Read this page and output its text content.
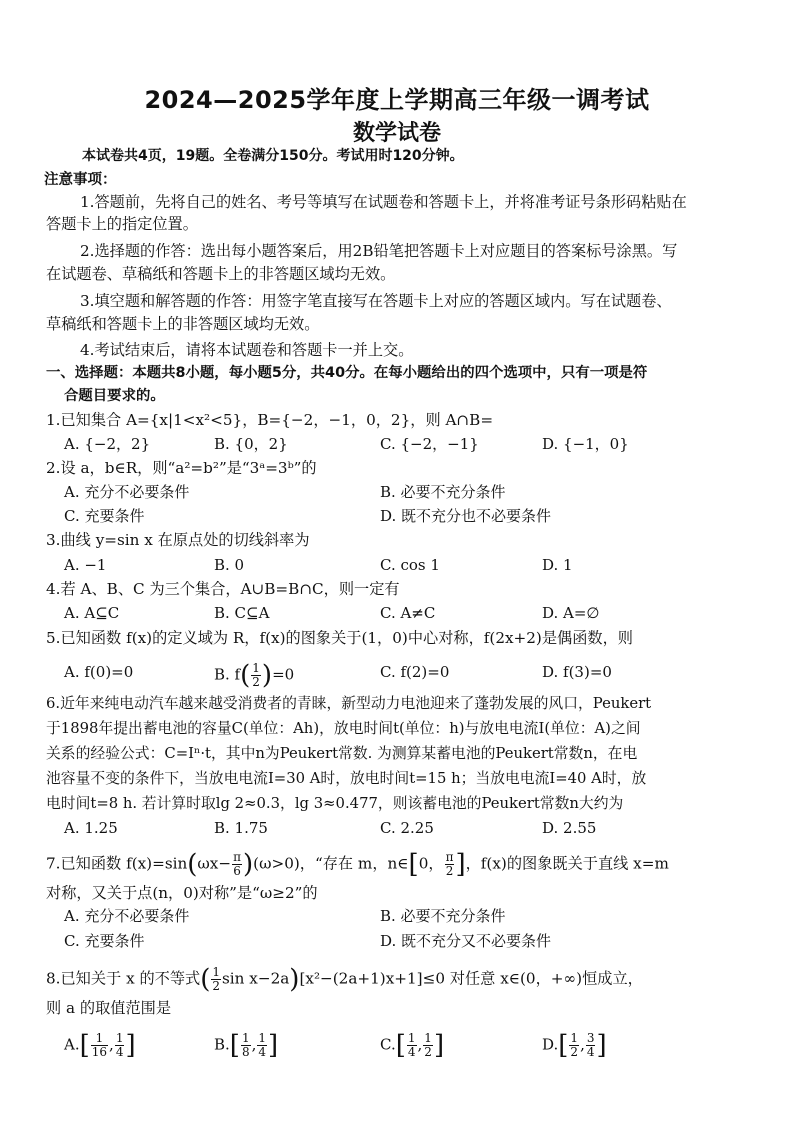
2024—2025学年度上学期高三年级一调考试
数学试卷
本试卷共4页，19题。全卷满分150分。考试用时120分钟。
注意事项：
1.答题前，先将自己的姓名、考号等填写在试题卷和答题卡上，并将准考证号条形码粘贴在
答题卡上的指定位置。
2.选择题的作答：选出每小题答案后，用2B铅笔把答题卡上对应题目的答案标号涂黑。写
在试题卷、草稿纸和答题卡上的非答题区域均无效。
3.填空题和解答题的作答：用签字笔直接写在答题卡上对应的答题区域内。写在试题卷、
草稿纸和答题卡上的非答题区域均无效。
4.考试结束后，请将本试题卷和答题卡一并上交。
一、选择题：本题共8小题，每小题5分，共40分。在每小题给出的四个选项中，只有一项是符
合题目要求的。
1.已知集合 A={x|1<x²<5}，B={−2，−1，0，2}，则 A∩B=
A. {−2，2}	B. {0，2}	C. {−2，−1}	D. {−1，0}
2.设 a，b∈R，则“a²=b²”是“3ᵃ=3ᵇ”的
A. 充分不必要条件	B. 必要不充分条件
C. 充要条件	D. 既不充分也不必要条件
3.曲线 y=sin x 在原点处的切线斜率为
A. −1	B. 0	C. cos 1	D. 1
4.若 A、B、C 为三个集合，A∪B=B∩C，则一定有
A. A⊆C	B. C⊆A	C. A≠C	D. A=∅
5.已知函数 f(x)的定义域为 R，f(x)的图象关于(1，0)中心对称，f(2x+2)是偶函数，则
A. f(0)=0	B. $f( \frac{1}{2} )=0$	C. f(2)=0	D. f(3)=0
6.近年来纯电动汽车越来越受消费者的青睐，新型动力电池迎来了蓬勃发展的风口，Peukert
于1898年提出蓄电池的容量C(单位：Ah)，放电时间t(单位：h)与放电电流I(单位：A)之间
关系的经验公式：C=Iⁿ·t，其中n为Peukert常数. 为测算某蓄电池的Peukert常数n，在电
池容量不变的条件下，当放电电流I=30 A时，放电时间t=15 h；当放电电流I=40 A时，放
电时间t=8 h. 若计算时取lg 2≈0.3，lg 3≈0.477，则该蓄电池的Peukert常数n大约为
A. 1.25	B. 1.75	C. 2.25	D. 2.55
7.已知函数 $f(x)=\sin(\omega x- \frac{\pi}{6} )(\omega>0)$，“存在 m，n∈[0， $\frac{\pi}{2}$ ]，f(x)的图象既关于直线 x=m
对称，又关于点(n，0)对称”是“ω≥2”的
A. 充分不必要条件	B. 必要不充分条件
C. 充要条件	D. 既不充分又不必要条件
8.已知关于 x 的不等式( $\frac{1}{2}$ sin x−2a)[x²−(2a+1)x+1]≤0 对任意 x∈(0，+∞)恒成立，
则 a 的取值范围是
$A.[ \frac{1}{16}$ , $\frac{1}{4}$ ]	$B.[ \frac{1}{8}$ , $\frac{1}{4}$ ]	$C.[ \frac{1}{4}$ , $\frac{1}{2}$ ]	$D.[ \frac{1}{2}$ , $\frac{3}{4}$ ]
